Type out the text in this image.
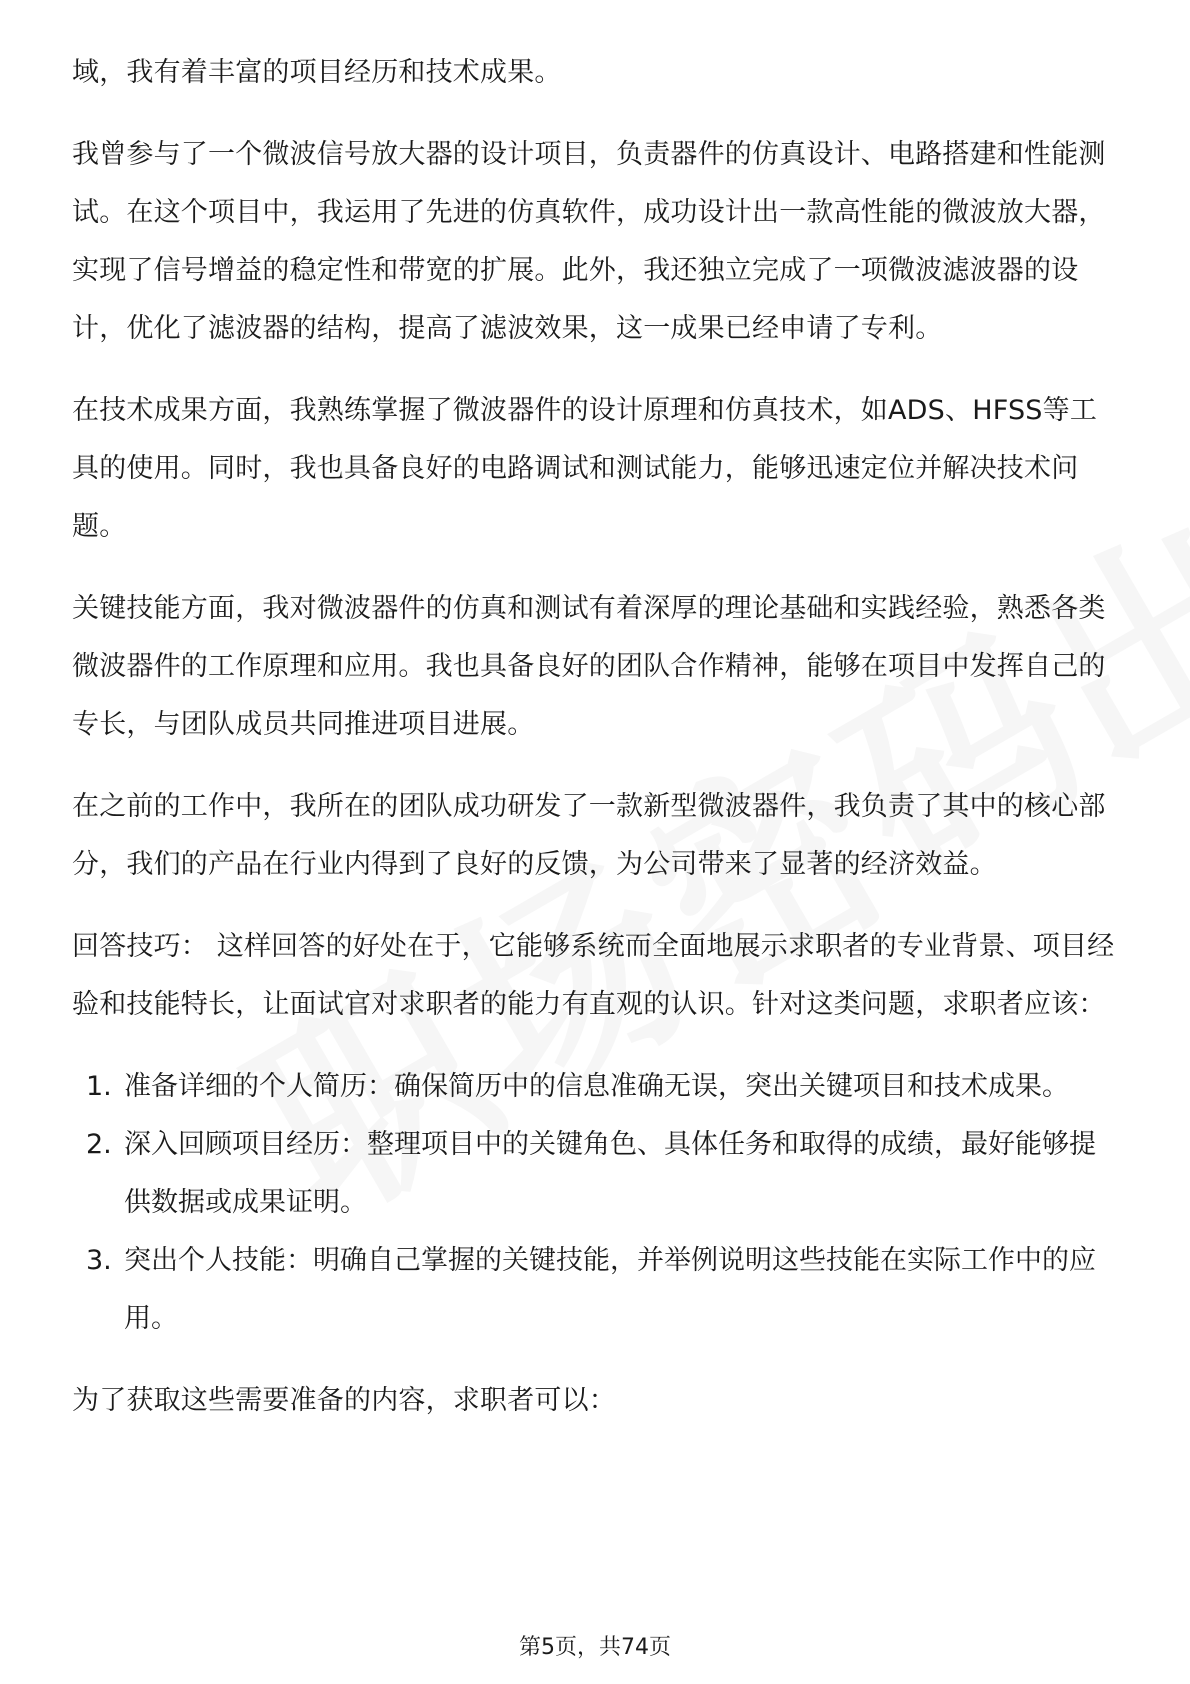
域，我有着丰富的项目经历和技术成果。

我曾参与了一个微波信号放大器的设计项目，负责器件的仿真设计、电路搭建和性能测试。在这个项目中，我运用了先进的仿真软件，成功设计出一款高性能的微波放大器，实现了信号增益的稳定性和带宽的扩展。此外，我还独立完成了一项微波滤波器的设计，优化了滤波器的结构，提高了滤波效果，这一成果已经申请了专利。

在技术成果方面，我熟练掌握了微波器件的设计原理和仿真技术，如ADS、HFSS等工具的使用。同时，我也具备良好的电路调试和测试能力，能够迅速定位并解决技术问题。

关键技能方面，我对微波器件的仿真和测试有着深厚的理论基础和实践经验，熟悉各类微波器件的工作原理和应用。我也具备良好的团队合作精神，能够在项目中发挥自己的专长，与团队成员共同推进项目进展。

在之前的工作中，我所在的团队成功研发了一款新型微波器件，我负责了其中的核心部分，我们的产品在行业内得到了良好的反馈，为公司带来了显著的经济效益。

回答技巧： 这样回答的好处在于，它能够系统而全面地展示求职者的专业背景、项目经验和技能特长，让面试官对求职者的能力有直观的认识。针对这类问题，求职者应该：

1. 准备详细的个人简历：确保简历中的信息准确无误，突出关键项目和技术成果。
2. 深入回顾项目经历：整理项目中的关键角色、具体任务和取得的成绩，最好能够提供数据或成果证明。
3. 突出个人技能：明确自己掌握的关键技能，并举例说明这些技能在实际工作中的应用。

为了获取这些需要准备的内容，求职者可以：

第5页，共74页
